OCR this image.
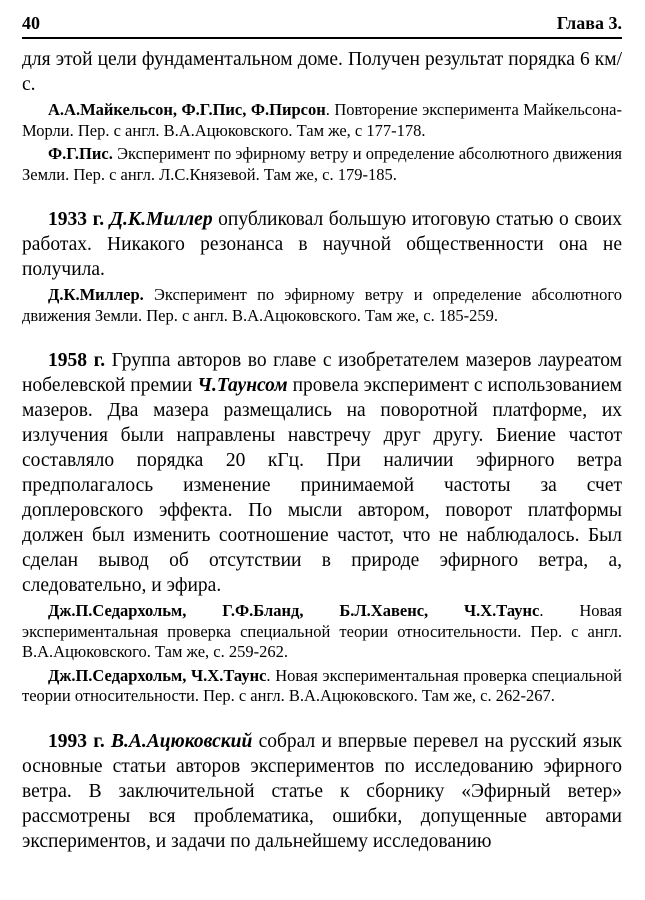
40	Глава 3.

для этой цели фундаментальном доме. Получен результат порядка 6 км/с.

А.А.Майкельсон, Ф.Г.Пис, Ф.Пирсон. Повторение эксперимента Майкельсона-Морли. Пер. с англ. В.А.Ацюковского. Там же, с 177-178.

Ф.Г.Пис. Эксперимент по эфирному ветру и определение абсолютного движения Земли. Пер. с англ. Л.С.Князевой. Там же, с. 179-185.

1933 г. Д.К.Миллер опубликовал большую итоговую статью о своих работах. Никакого резонанса в научной общественности она не получила.

Д.К.Миллер. Эксперимент по эфирному ветру и определение абсолютного движения Земли. Пер. с англ. В.А.Ацюковского. Там же, с. 185-259.

1958 г. Группа авторов во главе с изобретателем мазеров лауреатом нобелевской премии Ч.Таунсом провела эксперимент с использованием мазеров. Два мазера размещались на поворотной платформе, их излучения были направлены навстречу друг другу. Биение частот составляло порядка 20 кГц. При наличии эфирного ветра предполагалось изменение принимаемой частоты за счет доплеровского эффекта. По мысли автором, поворот платформы должен был изменить соотношение частот, что не наблюдалось. Был сделан вывод об отсутствии в природе эфирного ветра, а, следовательно, и эфира.

Дж.П.Седархольм, Г.Ф.Бланд, Б.Л.Хавенс, Ч.Х.Таунс. Новая экспериментальная проверка специальной теории относительности. Пер. с англ. В.А.Ацюковского. Там же, с. 259-262.

Дж.П.Седархольм, Ч.Х.Таунс. Новая экспериментальная проверка специальной теории относительности. Пер. с англ. В.А.Ацюковского. Там же, с. 262-267.

1993 г. В.А.Ацюковский собрал и впервые перевел на русский язык основные статьи авторов экспериментов по исследованию эфирного ветра. В заключительной статье к сборнику «Эфирный ветер» рассмотрены вся проблематика, ошибки, допущенные авторами экспериментов, и задачи по дальнейшему исследованию
